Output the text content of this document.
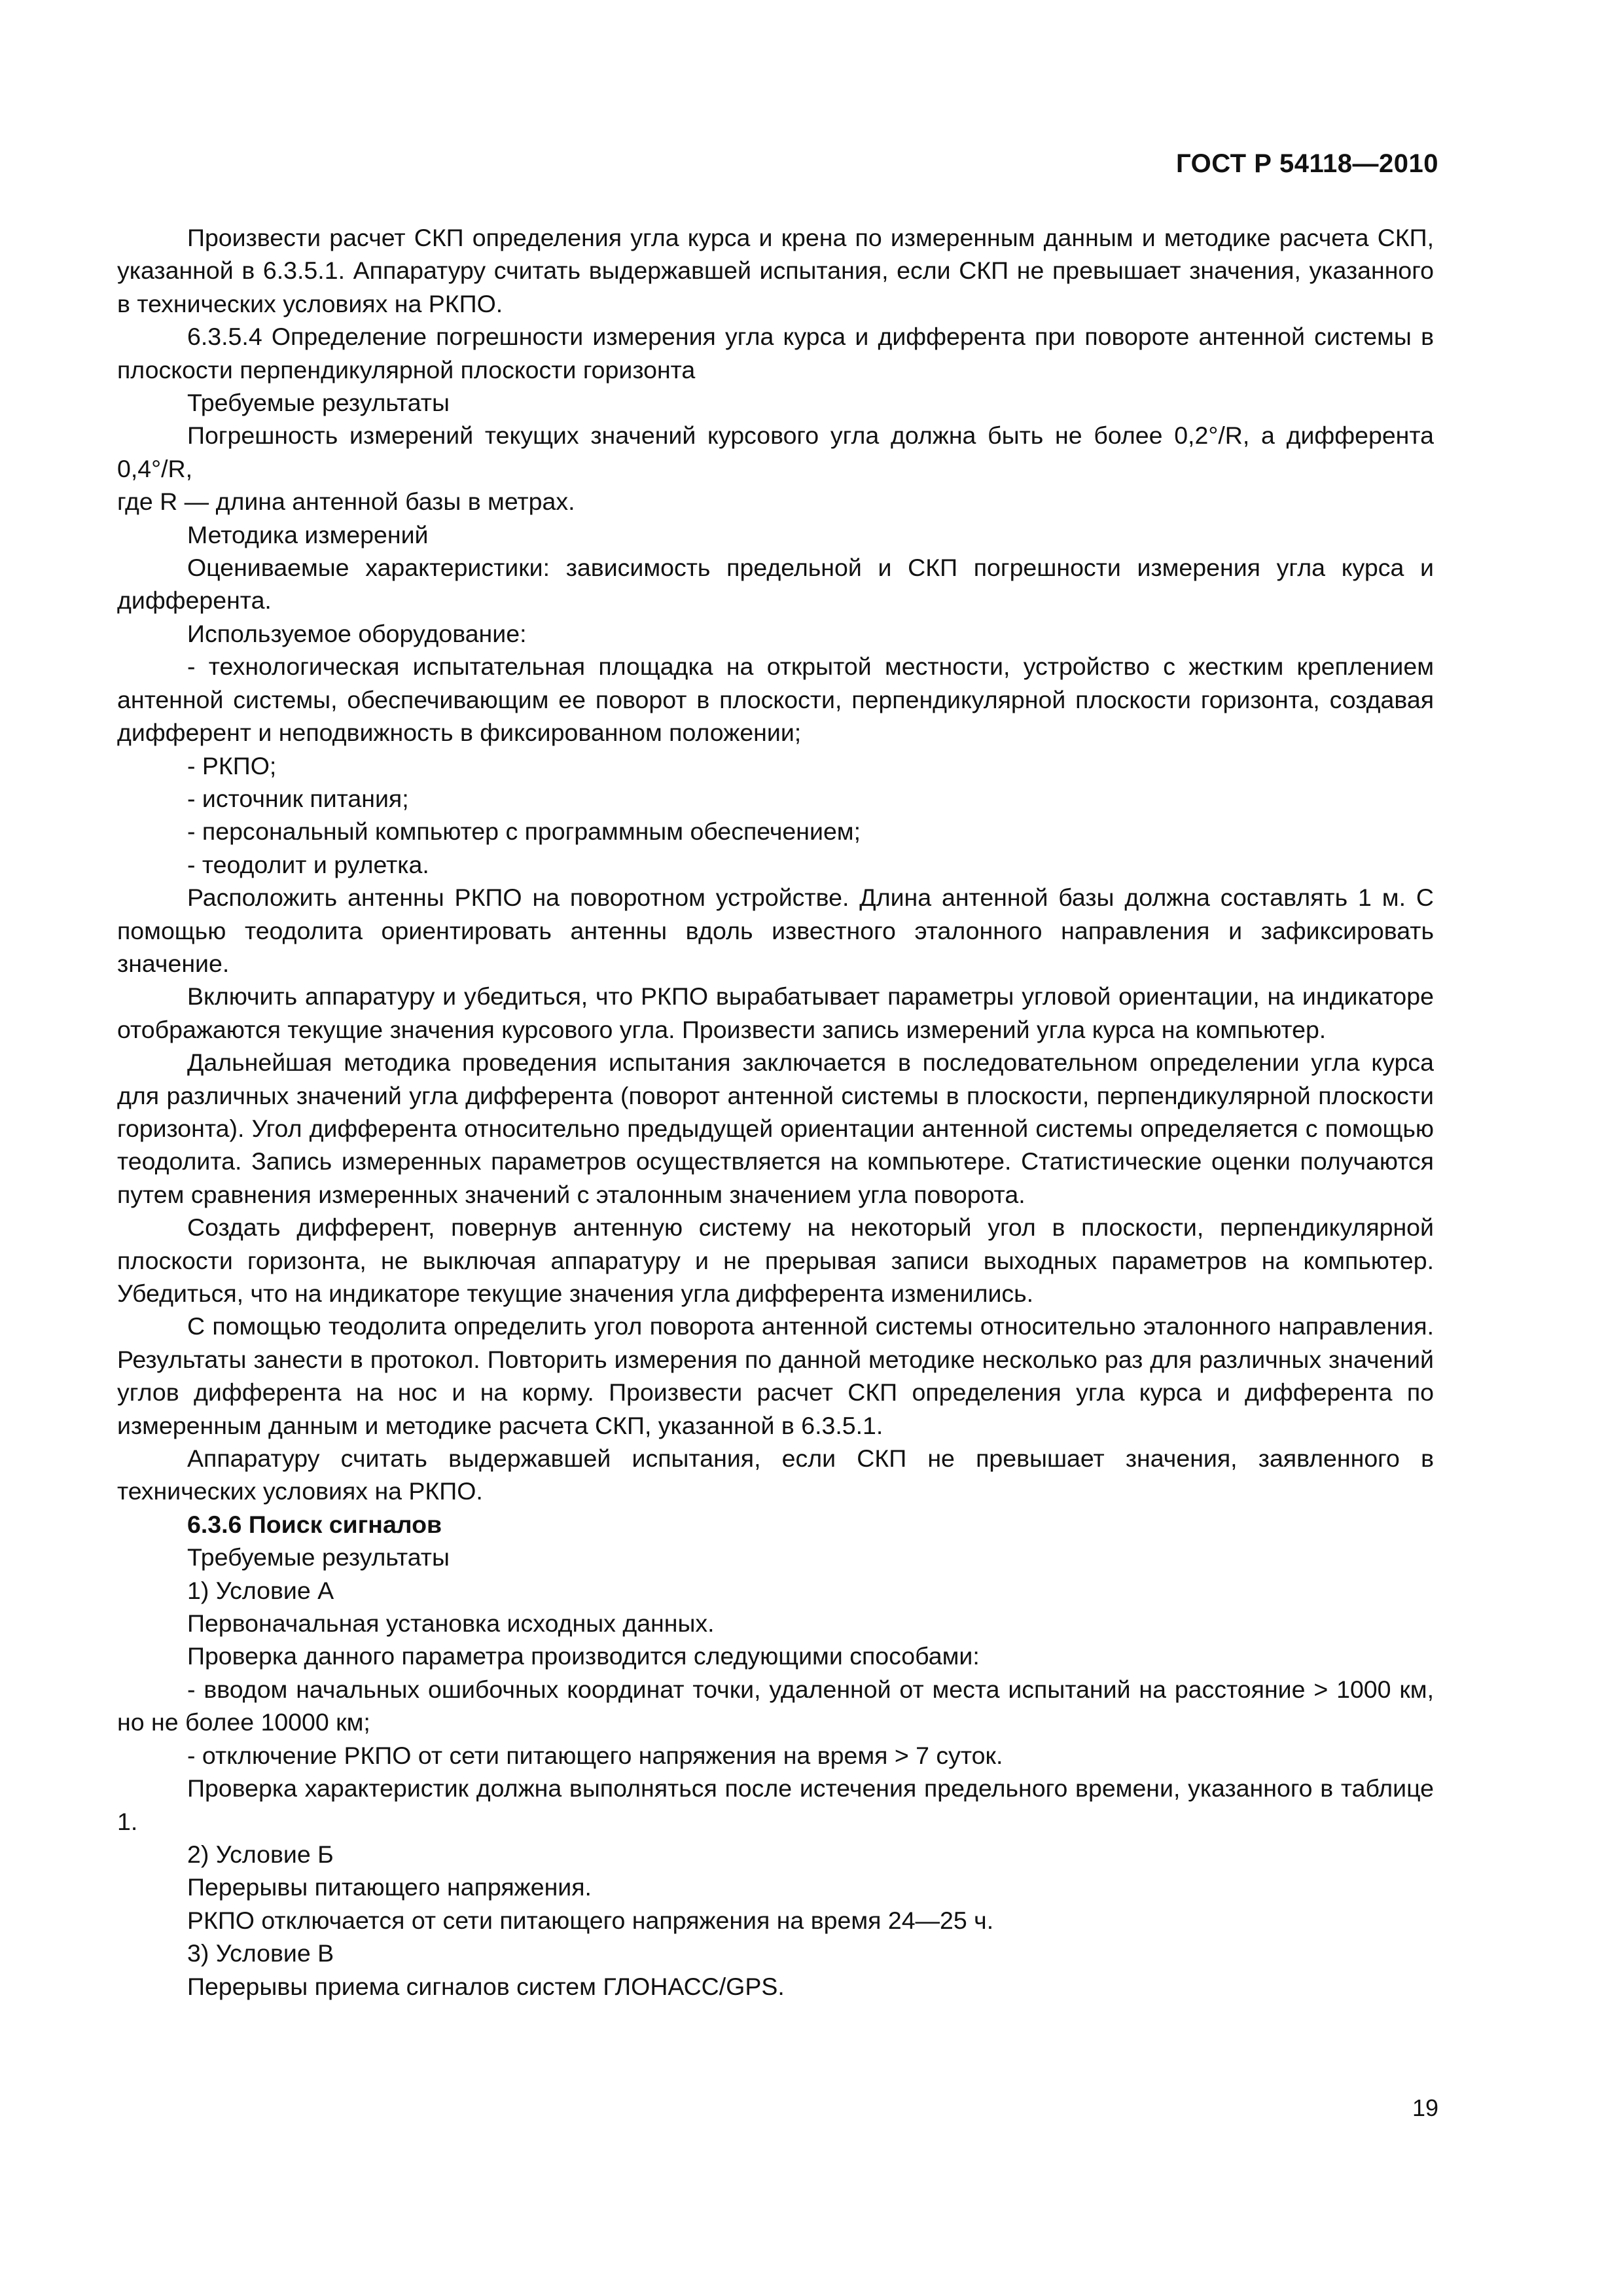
ГОСТ Р 54118—2010

Произвести расчет СКП определения угла курса и крена по измеренным данным и методике расчета СКП, указанной в 6.3.5.1. Аппаратуру считать выдержавшей испытания, если СКП не превышает значения, указанного в технических условиях на РКПО.

6.3.5.4 Определение погрешности измерения угла курса и дифферента при повороте антенной системы в плоскости перпендикулярной плоскости горизонта

Требуемые результаты

Погрешность измерений текущих значений курсового угла должна быть не более 0,2°/R, а дифферента 0,4°/R,

где R — длина антенной базы в метрах.

Методика измерений

Оцениваемые характеристики: зависимость предельной и СКП погрешности измерения угла курса и дифферента.

Используемое оборудование:

- технологическая испытательная площадка на открытой местности, устройство с жестким креплением антенной системы, обеспечивающим ее поворот в плоскости, перпендикулярной плоскости горизонта, создавая дифферент и неподвижность в фиксированном положении;

- РКПО;

- источник питания;

- персональный компьютер с программным обеспечением;

- теодолит и рулетка.

Расположить антенны РКПО на поворотном устройстве. Длина антенной базы должна составлять 1 м. С помощью теодолита ориентировать антенны вдоль известного эталонного направления и зафиксировать значение.

Включить аппаратуру и убедиться, что РКПО вырабатывает параметры угловой ориентации, на индикаторе отображаются текущие значения курсового угла. Произвести запись измерений угла курса на компьютер.

Дальнейшая методика проведения испытания заключается в последовательном определении угла курса для различных значений угла дифферента (поворот антенной системы в плоскости, перпендикулярной плоскости горизонта). Угол дифферента относительно предыдущей ориентации антенной системы определяется с помощью теодолита. Запись измеренных параметров осуществляется на компьютере. Статистические оценки получаются путем сравнения измеренных значений с эталонным значением угла поворота.

Создать дифферент, повернув антенную систему на некоторый угол в плоскости, перпендикулярной плоскости горизонта, не выключая аппаратуру и не прерывая записи выходных параметров на компьютер. Убедиться, что на индикаторе текущие значения угла дифферента изменились.

С помощью теодолита определить угол поворота антенной системы относительно эталонного направления. Результаты занести в протокол. Повторить измерения по данной методике несколько раз для различных значений углов дифферента на нос и на корму. Произвести расчет СКП определения угла курса и дифферента по измеренным данным и методике расчета СКП, указанной в 6.3.5.1.

Аппаратуру считать выдержавшей испытания, если СКП не превышает значения, заявленного в технических условиях на РКПО.

6.3.6 Поиск сигналов

Требуемые результаты

1) Условие А

Первоначальная установка исходных данных.

Проверка данного параметра производится следующими способами:

- вводом начальных ошибочных координат точки, удаленной от места испытаний на расстояние > 1000 км, но не более 10000 км;

- отключение РКПО от сети питающего напряжения на время > 7 суток.

Проверка характеристик должна выполняться после истечения предельного времени, указанного в таблице 1.

2) Условие Б

Перерывы питающего напряжения.

РКПО отключается от сети питающего напряжения на время 24—25 ч.

3) Условие В

Перерывы приема сигналов систем ГЛОНАСС/GPS.

19
